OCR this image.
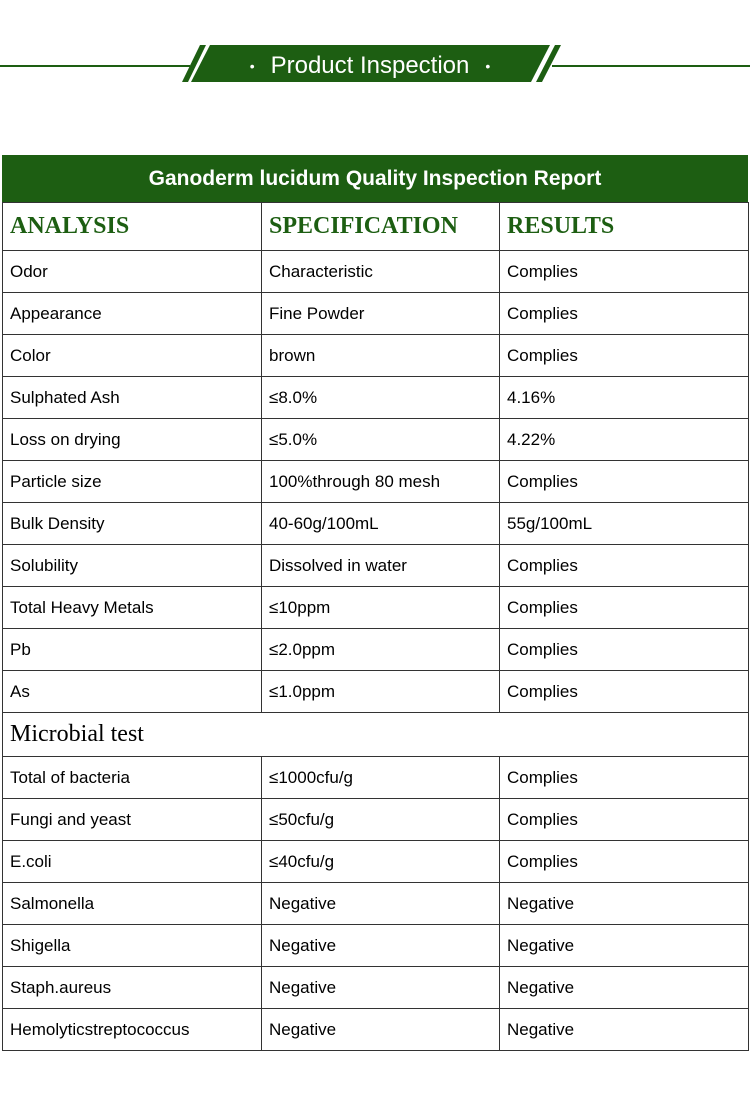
• Product Inspection •
Ganoderm lucidum Quality Inspection Report
ANALYSIS	SPECIFICATION	RESULTS
Odor	Characteristic	Complies
Appearance	Fine Powder	Complies
Color	brown	Complies
Sulphated Ash	≤8.0%	4.16%
Loss on drying	≤5.0%	4.22%
Particle size	100%through 80 mesh	Complies
Bulk Density	40-60g/100mL	55g/100mL
Solubility	Dissolved in water	Complies
Total Heavy Metals	≤10ppm	Complies
Pb	≤2.0ppm	Complies
As	≤1.0ppm	Complies
Microbial test		
Total of bacteria	≤1000cfu/g	Complies
Fungi and yeast	≤50cfu/g	Complies
E.coli	≤40cfu/g	Complies
Salmonella	Negative	Negative
Shigella	Negative	Negative
Staph.aureus	Negative	Negative
Hemolyticstreptococcus	Negative	Negative
